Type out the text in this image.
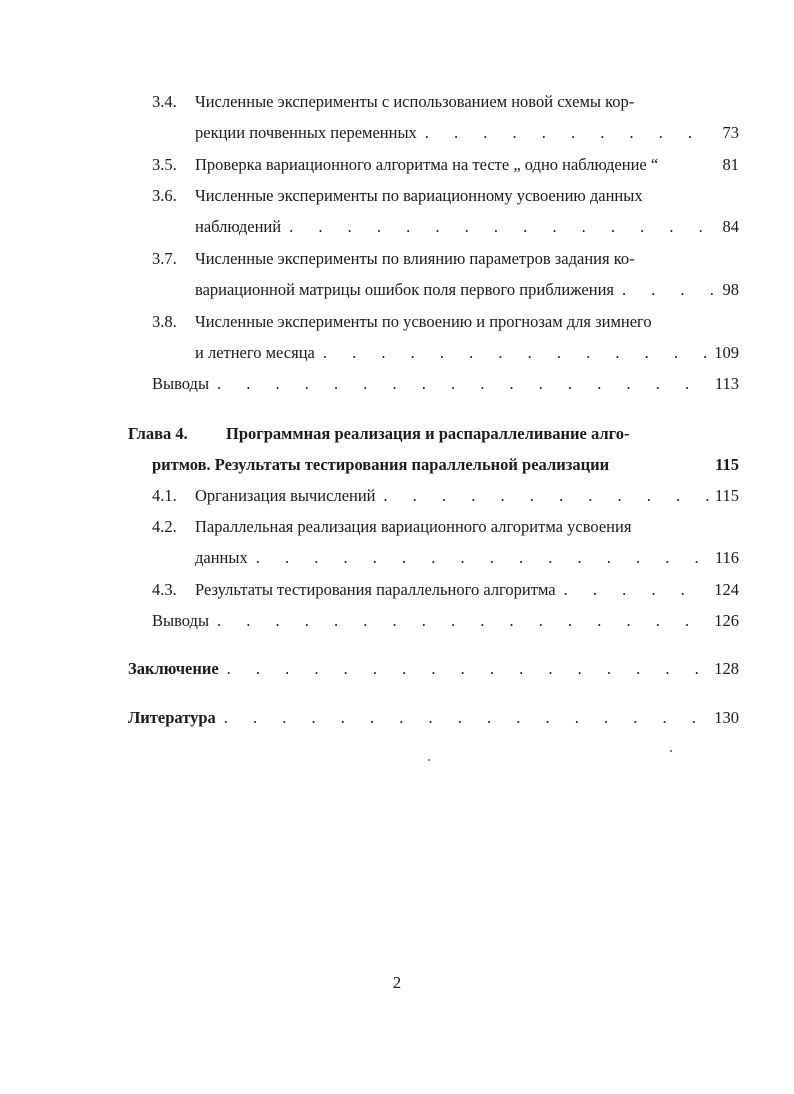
3.4. Численные эксперименты с использованием новой схемы кор-
рекции почвенных переменных . . .	73
3.5. Проверка вариационного алгоритма на тесте „ одно наблюдение “	81
3.6. Численные эксперименты по вариационному усвоению данных
наблюдений . . .	84
3.7. Численные эксперименты по влиянию параметров задания ко-
вариационной матрицы ошибок поля первого приближения . . .	98
3.8. Численные эксперименты по усвоению и прогнозам для зимнего
и летнего месяца . . .	109
Выводы . . .	113
Глава 4. Программная реализация и распараллеливание алго-
ритмов. Результаты тестирования параллельной реализации	115
4.1. Организация вычислений . . .	115
4.2. Параллельная реализация вариационного алгоритма усвоения
данных . . .	116
4.3. Результаты тестирования параллельного алгоритма . . .	124
Выводы . . .	126
Заключение . . .	128
Литература . . .	130
2
